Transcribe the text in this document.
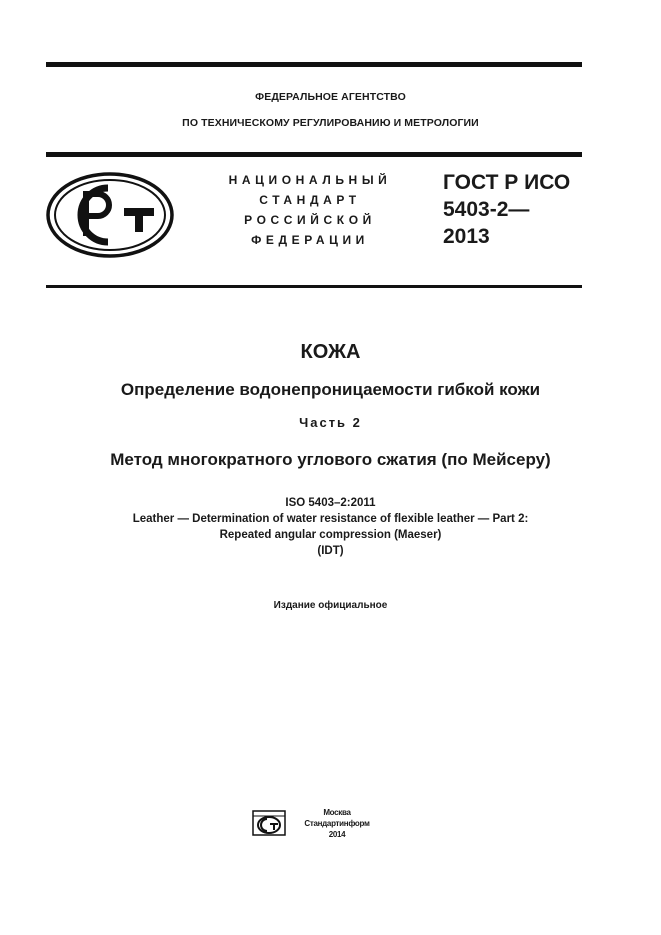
ФЕДЕРАЛЬНОЕ АГЕНТСТВО
ПО ТЕХНИЧЕСКОМУ РЕГУЛИРОВАНИЮ И МЕТРОЛОГИИ
НАЦИОНАЛЬНЫЙ
СТАНДАРТ
РОССИЙСКОЙ
ФЕДЕРАЦИИ
ГОСТ Р ИСО
5403-2—
2013
КОЖА
Определение водонепроницаемости гибкой кожи
Часть 2
Метод многократного углового сжатия (по Мейсеру)
ISO 5403–2:2011
Leather — Determination of water resistance of flexible leather — Part 2:
Repeated angular compression (Maeser)
(IDT)
Издание официальное
Москва
Стандартинформ
2014
